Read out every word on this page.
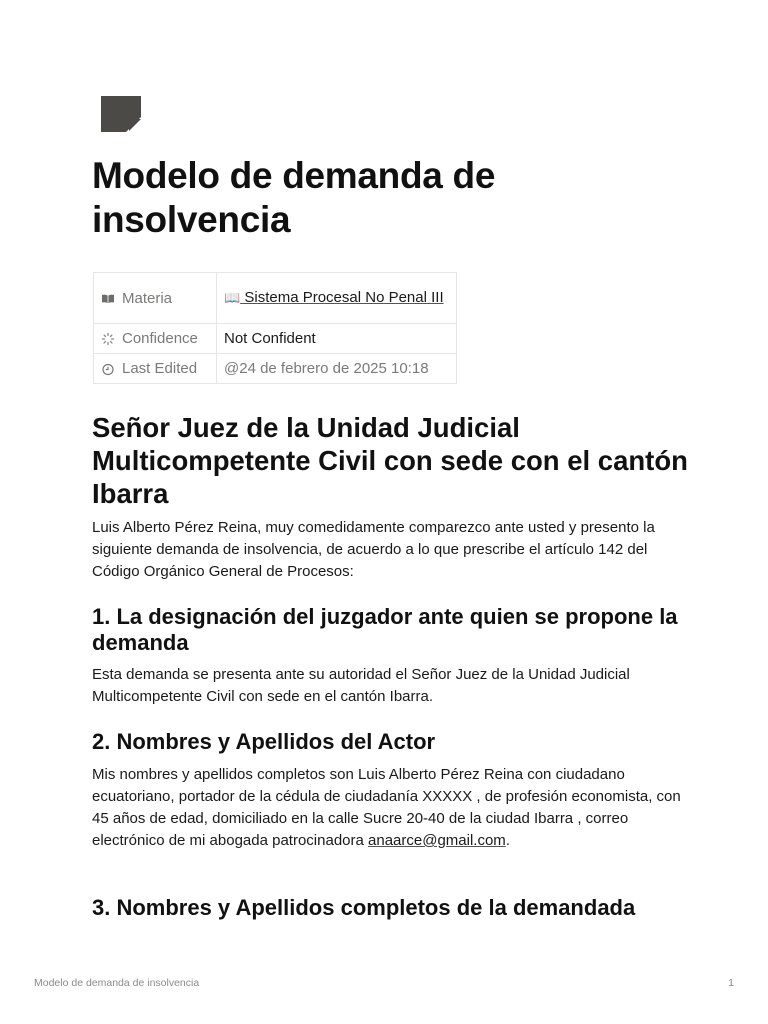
Modelo de demanda de insolvencia
Materia	📖 Sistema Procesal No Penal III

Confidence	Not Confident

Last Edited	@24 de febrero de 2025 10:18
Señor Juez de la Unidad Judicial Multicompetente Civil con sede con el cantón Ibarra

Luis Alberto Pérez Reina, muy comedidamente comparezco ante usted y presento la siguiente demanda de insolvencia, de acuerdo a lo que prescribe el artículo 142 del Código Orgánico General de Procesos:

1. La designación del juzgador ante quien se propone la demanda

Esta demanda se presenta ante su autoridad el Señor Juez de la Unidad Judicial Multicompetente Civil con sede en el cantón Ibarra.

2. Nombres y Apellidos del Actor

Mis nombres y apellidos completos son Luis Alberto Pérez Reina con ciudadano ecuatoriano, portador de la cédula de ciudadanía XXXXX , de profesión economista, con 45 años de edad, domiciliado en la calle Sucre 20-40 de la ciudad Ibarra , correo electrónico de mi abogada patrocinadora anaarce@gmail.com.

3. Nombres y Apellidos completos de la demandada
Modelo de demanda de insolvencia	1
